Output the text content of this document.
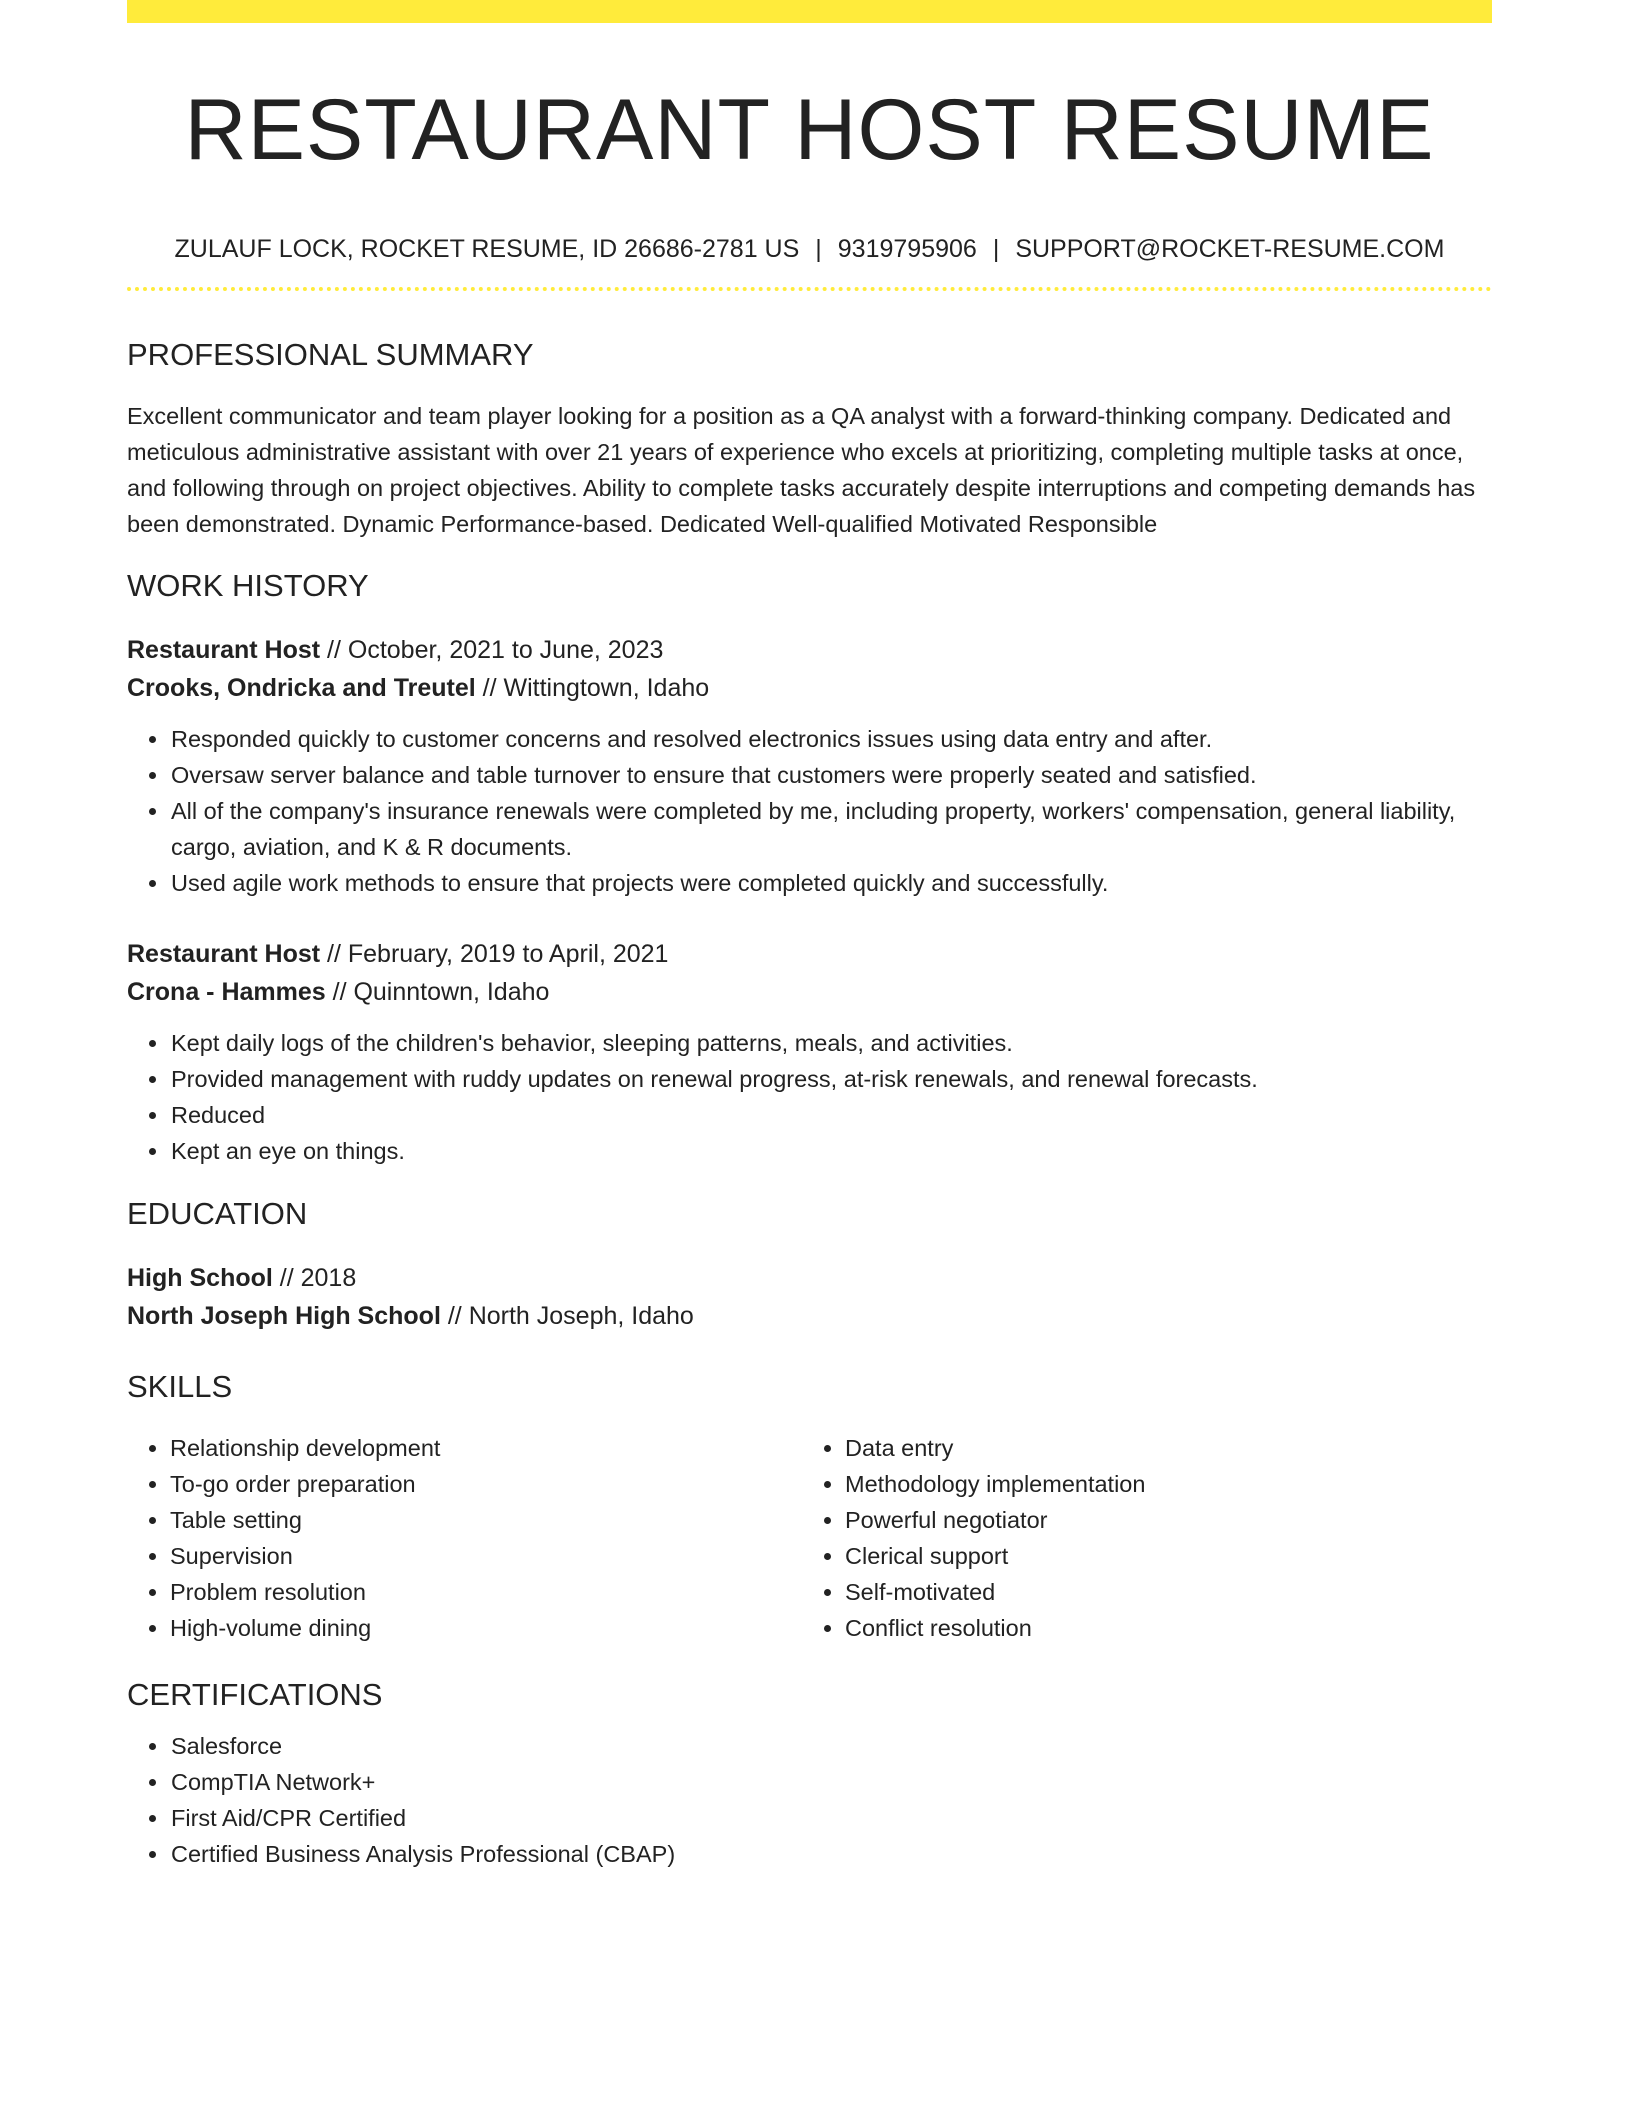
RESTAURANT HOST RESUME
ZULAUF LOCK, ROCKET RESUME, ID 26686-2781 US | 9319795906 | SUPPORT@ROCKET-RESUME.COM
PROFESSIONAL SUMMARY
Excellent communicator and team player looking for a position as a QA analyst with a forward-thinking company. Dedicated and meticulous administrative assistant with over 21 years of experience who excels at prioritizing, completing multiple tasks at once, and following through on project objectives. Ability to complete tasks accurately despite interruptions and competing demands has been demonstrated. Dynamic Performance-based. Dedicated Well-qualified Motivated Responsible
WORK HISTORY
Restaurant Host // October, 2021 to June, 2023
Crooks, Ondricka and Treutel // Wittingtown, Idaho
• Responded quickly to customer concerns and resolved electronics issues using data entry and after.
• Oversaw server balance and table turnover to ensure that customers were properly seated and satisfied.
• All of the company's insurance renewals were completed by me, including property, workers' compensation, general liability, cargo, aviation, and K & R documents.
• Used agile work methods to ensure that projects were completed quickly and successfully.
Restaurant Host // February, 2019 to April, 2021
Crona - Hammes // Quinntown, Idaho
• Kept daily logs of the children's behavior, sleeping patterns, meals, and activities.
• Provided management with ruddy updates on renewal progress, at-risk renewals, and renewal forecasts.
• Reduced
• Kept an eye on things.
EDUCATION
High School // 2018
North Joseph High School // North Joseph, Idaho
SKILLS
• Relationship development
• To-go order preparation
• Table setting
• Supervision
• Problem resolution
• High-volume dining
• Data entry
• Methodology implementation
• Powerful negotiator
• Clerical support
• Self-motivated
• Conflict resolution
CERTIFICATIONS
• Salesforce
• CompTIA Network+
• First Aid/CPR Certified
• Certified Business Analysis Professional (CBAP)
